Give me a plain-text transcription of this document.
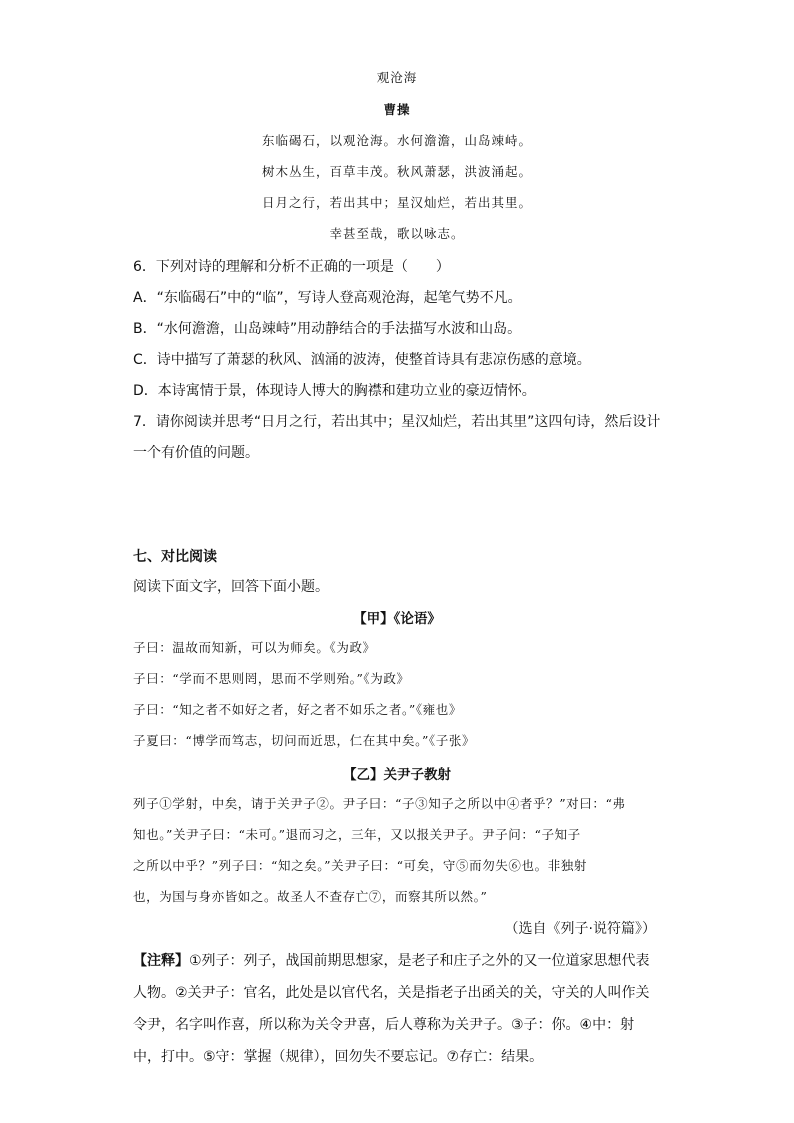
观沧海
曹操
东临碣石，以观沧海。水何澹澹，山岛竦峙。
树木丛生，百草丰茂。秋风萧瑟，洪波涌起。
日月之行，若出其中；星汉灿烂，若出其里。
幸甚至哉，歌以咏志。
6．下列对诗的理解和分析不正确的一项是（　　）
A．“东临碣石”中的“临”，写诗人登高观沧海，起笔气势不凡。
B．“水何澹澹，山岛竦峙”用动静结合的手法描写水波和山岛。
C．诗中描写了萧瑟的秋风、汹涌的波涛，使整首诗具有悲凉伤感的意境。
D．本诗寓情于景，体现诗人博大的胸襟和建功立业的豪迈情怀。
7．请你阅读并思考“日月之行，若出其中；星汉灿烂，若出其里”这四句诗，然后设计
一个有价值的问题。
七、对比阅读
阅读下面文字，回答下面小题。
【甲】《论语》
子曰：温故而知新，可以为师矣。《为政》
子曰：“学而不思则罔，思而不学则殆。”《为政》
子曰：“知之者不如好之者，好之者不如乐之者。”《雍也》
子夏曰：“博学而笃志，切问而近思，仁在其中矣。”《子张》
【乙】关尹子教射
列子①学射，中矣，请于关尹子②。尹子曰：“子③知子之所以中④者乎？”对曰：“弗
知也。”关尹子曰：“未可。”退而习之，三年，又以报关尹子。尹子问：“子知子
之所以中乎？”列子曰：“知之矣。”关尹子曰：“可矣，守⑤而勿失⑥也。非独射
也，为国与身亦皆如之。故圣人不查存亡⑦，而察其所以然。”
（选自《列子·说符篇》）
【注释】①列子：列子，战国前期思想家，是老子和庄子之外的又一位道家思想代表
人物。②关尹子：官名，此处是以官代名，关是指老子出函关的关，守关的人叫作关
令尹，名字叫作喜，所以称为关令尹喜，后人尊称为关尹子。③子：你。④中：射
中，打中。⑤守：掌握（规律），回勿失不要忘记。⑦存亡：结果。
